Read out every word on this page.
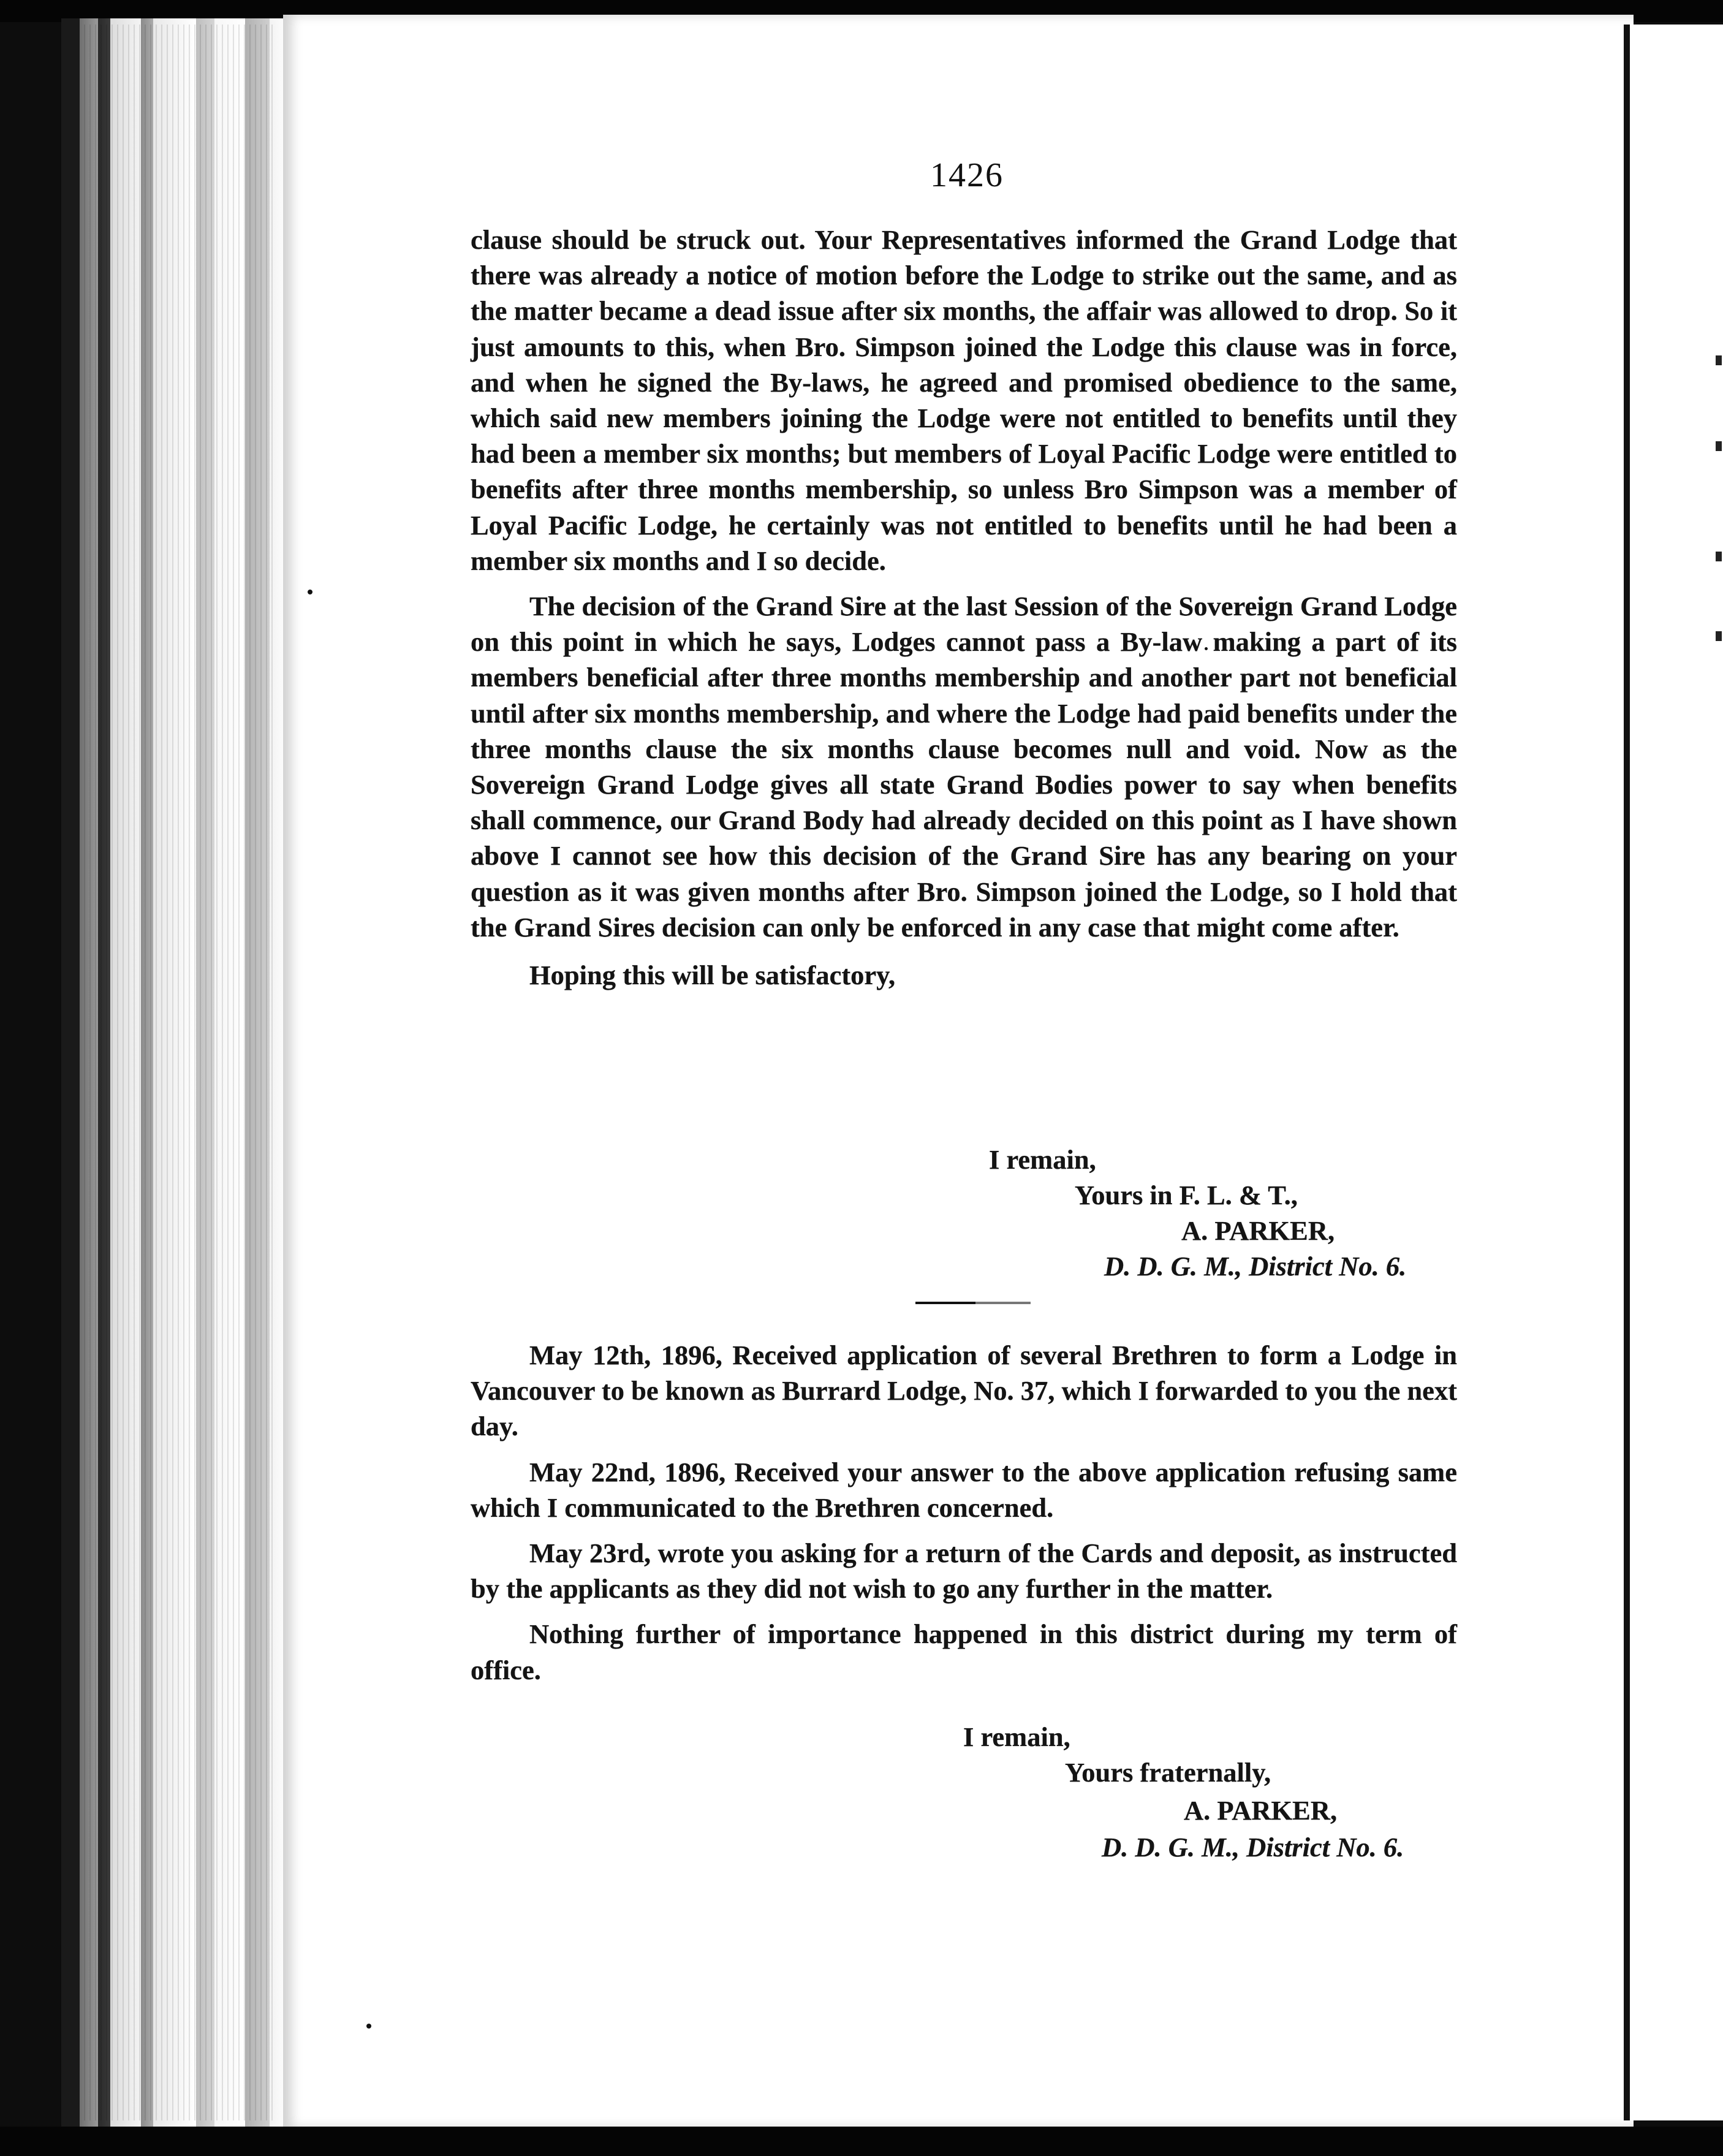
1426

clause should be struck out. Your Representatives informed the Grand Lodge that there was already a notice of motion before the Lodge to strike out the same, and as the matter became a dead issue after six months, the affair was allowed to drop. So it just amounts to this, when Bro. Simpson joined the Lodge this clause was in force, and when he signed the By-laws, he agreed and promised obedience to the same, which said new members joining the Lodge were not entitled to benefits until they had been a member six months; but members of Loyal Pacific Lodge were entitled to benefits after three months membership, so unless Bro Simpson was a member of Loyal Pacific Lodge, he certainly was not entitled to benefits until he had been a member six months and I so decide.

The decision of the Grand Sire at the last Session of the Sovereign Grand Lodge on this point in which he says, Lodges cannot pass a By-law making a part of its members beneficial after three months membership and another part not beneficial until after six months membership, and where the Lodge had paid benefits under the three months clause the six months clause becomes null and void. Now as the Sovereign Grand Lodge gives all state Grand Bodies power to say when benefits shall commence, our Grand Body had already decided on this point as I have shown above I cannot see how this decision of the Grand Sire has any bearing on your question as it was given months after Bro. Simpson joined the Lodge, so I hold that the Grand Sires decision can only be enforced in any case that might come after.

Hoping this will be satisfactory,

I remain,
Yours in F. L. & T.,
A. PARKER,
D. D. G. M., District No. 6.

May 12th, 1896, Received application of several Brethren to form a Lodge in Vancouver to be known as Burrard Lodge, No. 37, which I forwarded to you the next day.

May 22nd, 1896, Received your answer to the above application refusing same which I communicated to the Brethren concerned.

May 23rd, wrote you asking for a return of the Cards and deposit, as instructed by the applicants as they did not wish to go any further in the matter.

Nothing further of importance happened in this district during my term of office.

I remain,
Yours fraternally,
A. PARKER,
D. D. G. M., District No. 6.
